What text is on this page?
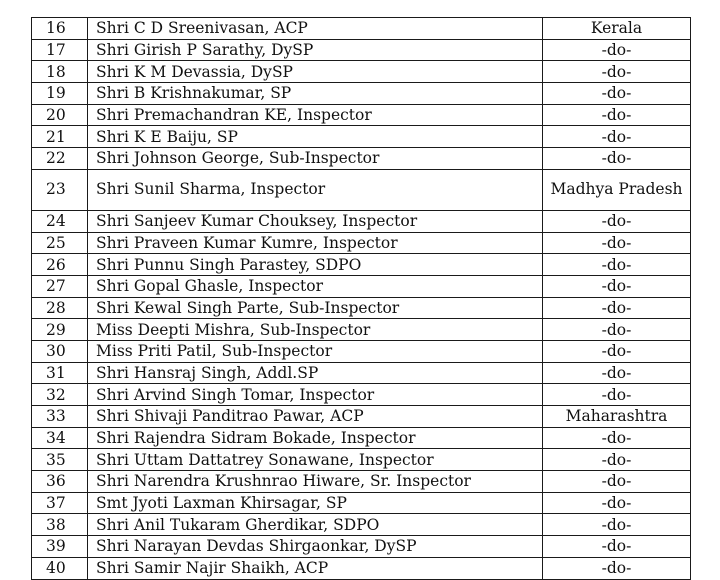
16	Shri C D Sreenivasan, ACP	Kerala
17	Shri Girish P Sarathy, DySP	-do-
18	Shri K M Devassia, DySP	-do-
19	Shri B Krishnakumar, SP	-do-
20	Shri Premachandran KE, Inspector	-do-
21	Shri K E Baiju, SP	-do-
22	Shri Johnson George, Sub-Inspector	-do-
23	Shri Sunil Sharma, Inspector	Madhya Pradesh
24	Shri Sanjeev Kumar Chouksey, Inspector	-do-
25	Shri Praveen Kumar Kumre, Inspector	-do-
26	Shri Punnu Singh Parastey, SDPO	-do-
27	Shri Gopal Ghasle, Inspector	-do-
28	Shri Kewal Singh Parte, Sub-Inspector	-do-
29	Miss Deepti Mishra, Sub-Inspector	-do-
30	Miss Priti Patil, Sub-Inspector	-do-
31	Shri Hansraj Singh, Addl.SP	-do-
32	Shri Arvind Singh Tomar, Inspector	-do-
33	Shri Shivaji Panditrao Pawar, ACP	Maharashtra
34	Shri Rajendra Sidram Bokade, Inspector	-do-
35	Shri Uttam Dattatrey Sonawane, Inspector	-do-
36	Shri Narendra Krushnrao Hiware, Sr. Inspector	-do-
37	Smt Jyoti Laxman Khirsagar, SP	-do-
38	Shri Anil Tukaram Gherdikar, SDPO	-do-
39	Shri Narayan Devdas Shirgaonkar, DySP	-do-
40	Shri Samir Najir Shaikh, ACP	-do-
